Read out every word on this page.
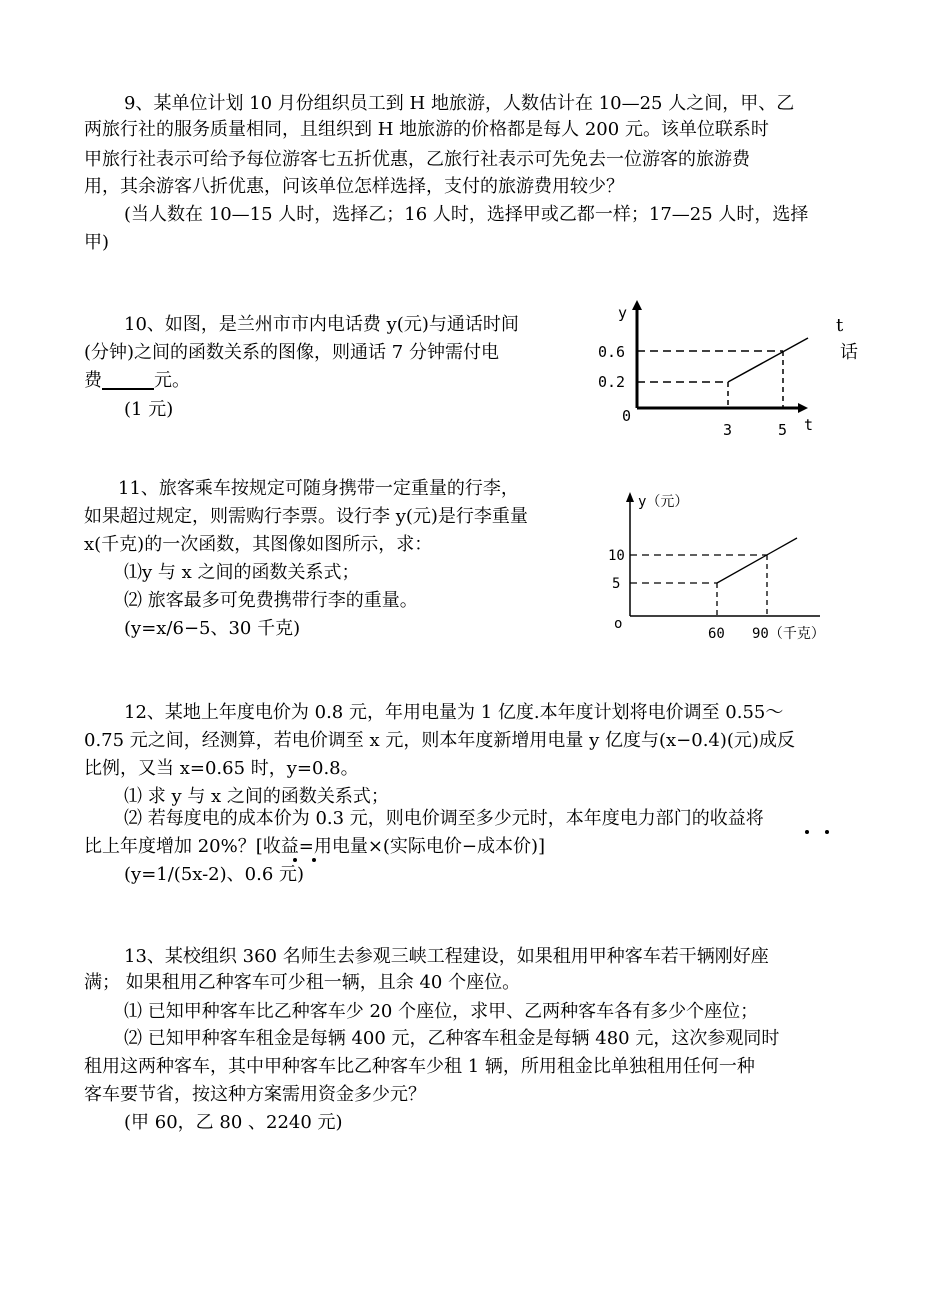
9、某单位计划 10 月份组织员工到 H 地旅游，人数估计在 10—25 人之间，甲、乙
两旅行社的服务质量相同，且组织到 H 地旅游的价格都是每人 200 元。该单位联系时
甲旅行社表示可给予每位游客七五折优惠，乙旅行社表示可先免去一位游客的旅游费
用，其余游客八折优惠，问该单位怎样选择，支付的旅游费用较少？
(当人数在 10—15 人时，选择乙；16 人时，选择甲或乙都一样；17—25 人时，选择
甲)
10、如图，是兰州市市内电话费 y(元)与通话时间
(分钟)之间的函数关系的图像，则通话 7 分钟需付电
费	元。
(1 元)
t
话
y
0.6
0.2
0
3	5 t
11、旅客乘车按规定可随身携带一定重量的行李，
如果超过规定，则需购行李票。设行李 y(元)是行李重量
x(千克)的一次函数，其图像如图所示，求：
⑴y 与 x 之间的函数关系式；
⑵ 旅客最多可免费携带行李的重量。
(y=x/6−5、30 千克)
y（元）
10
5
o
60 90（千克）
12、某地上年度电价为 0.8 元，年用电量为 1 亿度.本年度计划将电价调至 0.55～
0.75 元之间，经测算，若电价调至 x 元，则本年度新增用电量 y 亿度与(x−0.4)(元)成反
比例，又当 x=0.65 时，y=0.8。
⑴ 求 y 与 x 之间的函数关系式；
⑵ 若每度电的成本价为 0.3 元，则电价调至多少元时，本年度电力部门的收益将
比上年度增加 20%？[收益=用电量×(实际电价−成本价)]
(y=1/(5x-2)、0.6 元)
13、某校组织 360 名师生去参观三峡工程建设，如果租用甲种客车若干辆刚好座
满； 如果租用乙种客车可少租一辆，且余 40 个座位。
⑴ 已知甲种客车比乙种客车少 20 个座位，求甲、乙两种客车各有多少个座位；
⑵ 已知甲种客车租金是每辆 400 元，乙种客车租金是每辆 480 元，这次参观同时
租用这两种客车，其中甲种客车比乙种客车少租 1 辆，所用租金比单独租用任何一种
客车要节省，按这种方案需用资金多少元？
(甲 60，乙 80 、2240 元)
